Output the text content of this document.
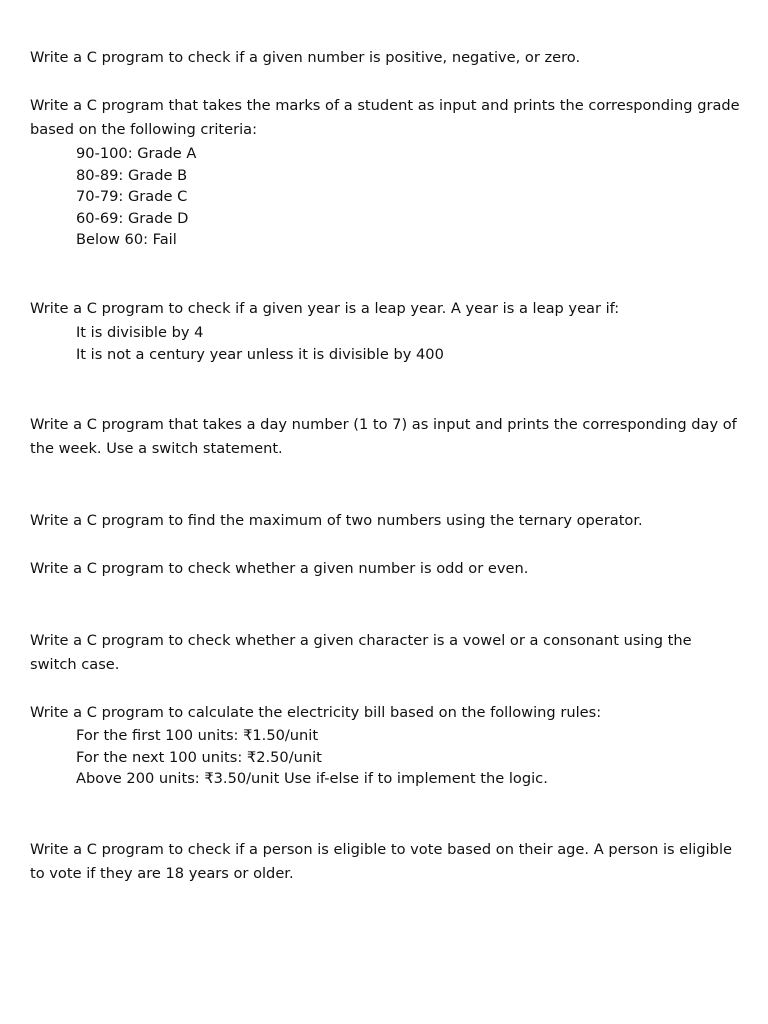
Write a C program to check if a given number is positive, negative, or zero.

Write a C program that takes the marks of a student as input and prints the corresponding grade based on the following criteria:

90-100: Grade A
80-89: Grade B
70-79: Grade C
60-69: Grade D
Below 60: Fail

Write a C program to check if a given year is a leap year. A year is a leap year if:

It is divisible by 4
It is not a century year unless it is divisible by 400

Write a C program that takes a day number (1 to 7) as input and prints the corresponding day of the week. Use a switch statement.

Write a C program to find the maximum of two numbers using the ternary operator.

Write a C program to check whether a given number is odd or even.

Write a C program to check whether a given character is a vowel or a consonant using the switch case.

Write a C program to calculate the electricity bill based on the following rules:

For the first 100 units: ₹1.50/unit
For the next 100 units: ₹2.50/unit
Above 200 units: ₹3.50/unit Use if-else if to implement the logic.

Write a C program to check if a person is eligible to vote based on their age. A person is eligible to vote if they are 18 years or older.
